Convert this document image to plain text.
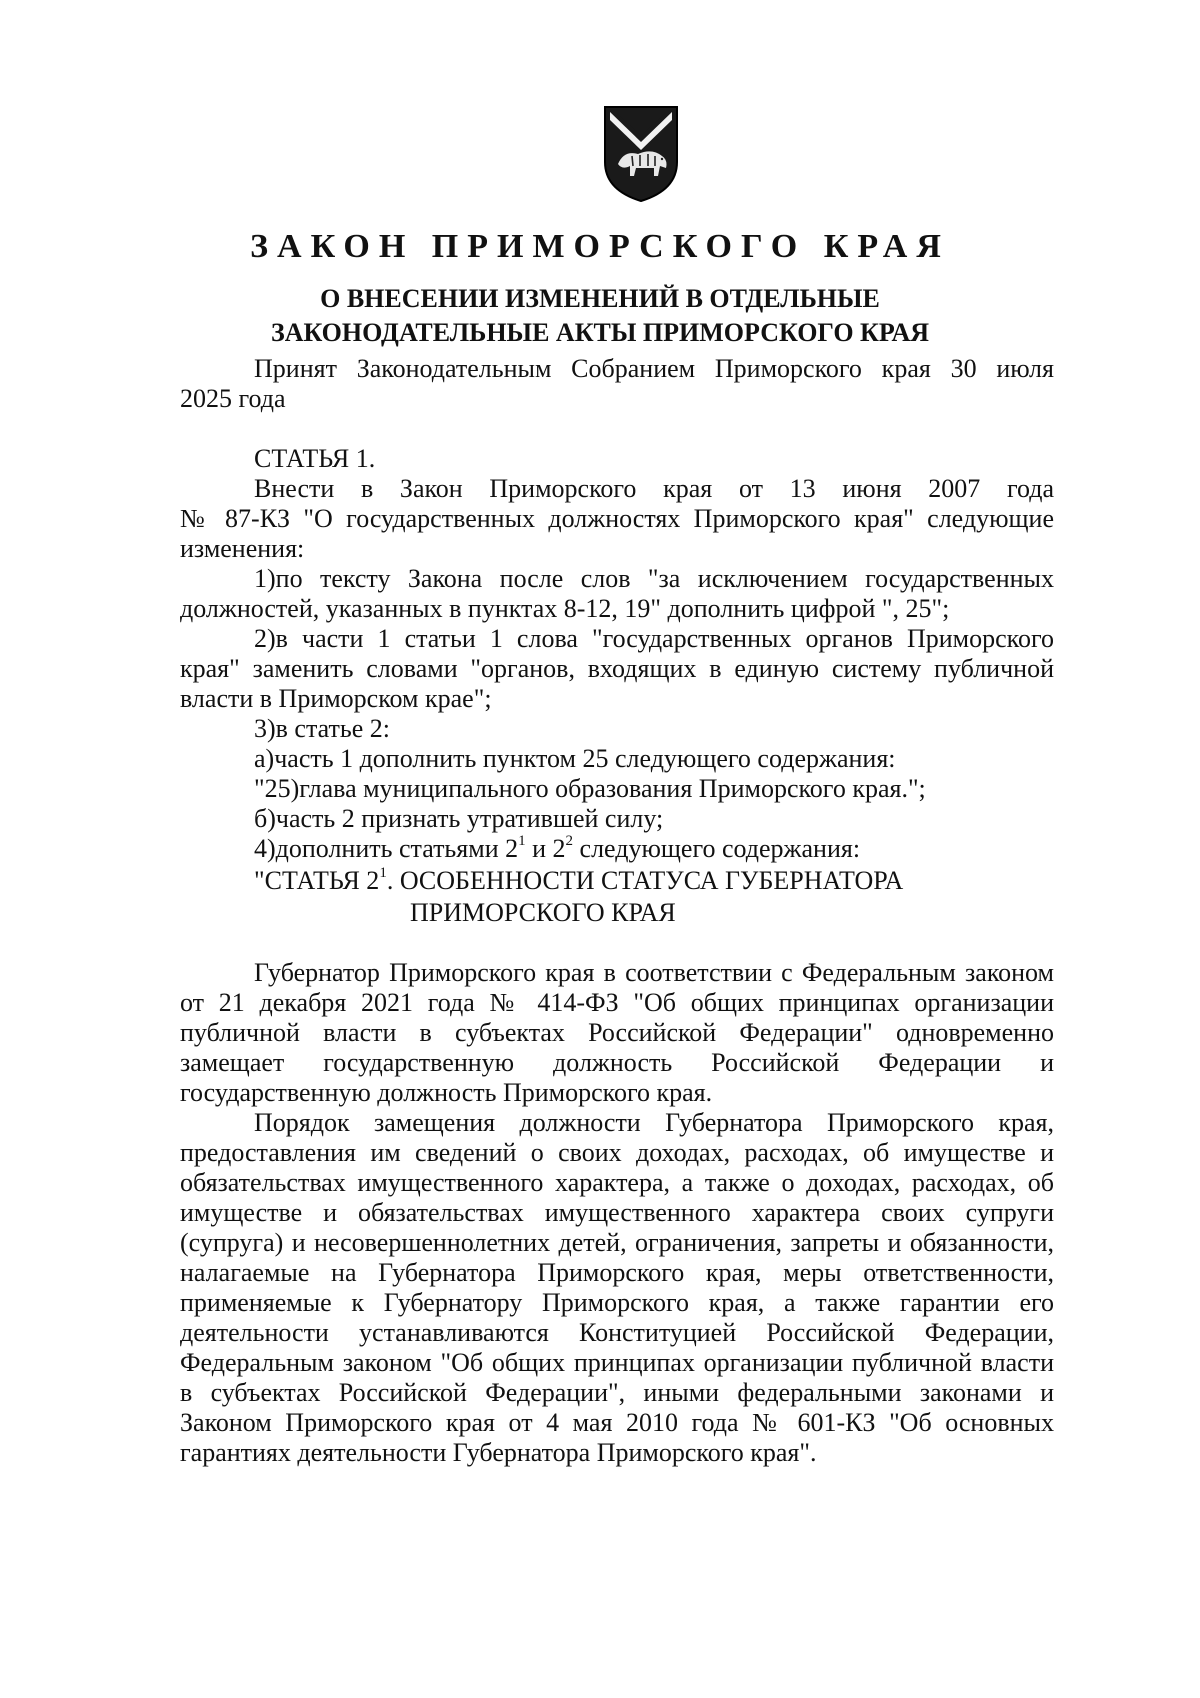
ЗАКОН ПРИМОРСКОГО КРАЯ
О ВНЕСЕНИИ ИЗМЕНЕНИЙ В ОТДЕЛЬНЫЕ
ЗАКОНОДАТЕЛЬНЫЕ АКТЫ ПРИМОРСКОГО КРАЯ
Принят Законодательным Собранием Приморского края 30 июля
2025 года
СТАТЬЯ 1.
Внести в Закон Приморского края от 13 июня 2007 года
№ 87-КЗ "О государственных должностях Приморского края" следующие
изменения:
1)по тексту Закона после слов "за исключением государственных
должностей, указанных в пунктах 8-12, 19" дополнить цифрой ", 25";
2)в части 1 статьи 1 слова "государственных органов Приморского
края" заменить словами "органов, входящих в единую систему публичной
власти в Приморском крае";
3)в статье 2:
а)часть 1 дополнить пунктом 25 следующего содержания:
"25)глава муниципального образования Приморского края.";
б)часть 2 признать утратившей силу;
4)дополнить статьями $2^1$ и $2^2$ следующего содержания:
"СТАТЬЯ $2^1$. ОСОБЕННОСТИ СТАТУСА ГУБЕРНАТОРА
ПРИМОРСКОГО КРАЯ
Губернатор Приморского края в соответствии с Федеральным законом
от 21 декабря 2021 года № 414-ФЗ "Об общих принципах организации
публичной власти в субъектах Российской Федерации" одновременно
замещает государственную должность Российской Федерации и
государственную должность Приморского края.
Порядок замещения должности Губернатора Приморского края,
предоставления им сведений о своих доходах, расходах, об имуществе и
обязательствах имущественного характера, а также о доходах, расходах, об
имуществе и обязательствах имущественного характера своих супруги
(супруга) и несовершеннолетних детей, ограничения, запреты и обязанности,
налагаемые на Губернатора Приморского края, меры ответственности,
применяемые к Губернатору Приморского края, а также гарантии его
деятельности устанавливаются Конституцией Российской Федерации,
Федеральным законом "Об общих принципах организации публичной власти
в субъектах Российской Федерации", иными федеральными законами и
Законом Приморского края от 4 мая 2010 года № 601-КЗ "Об основных
гарантиях деятельности Губернатора Приморского края".
